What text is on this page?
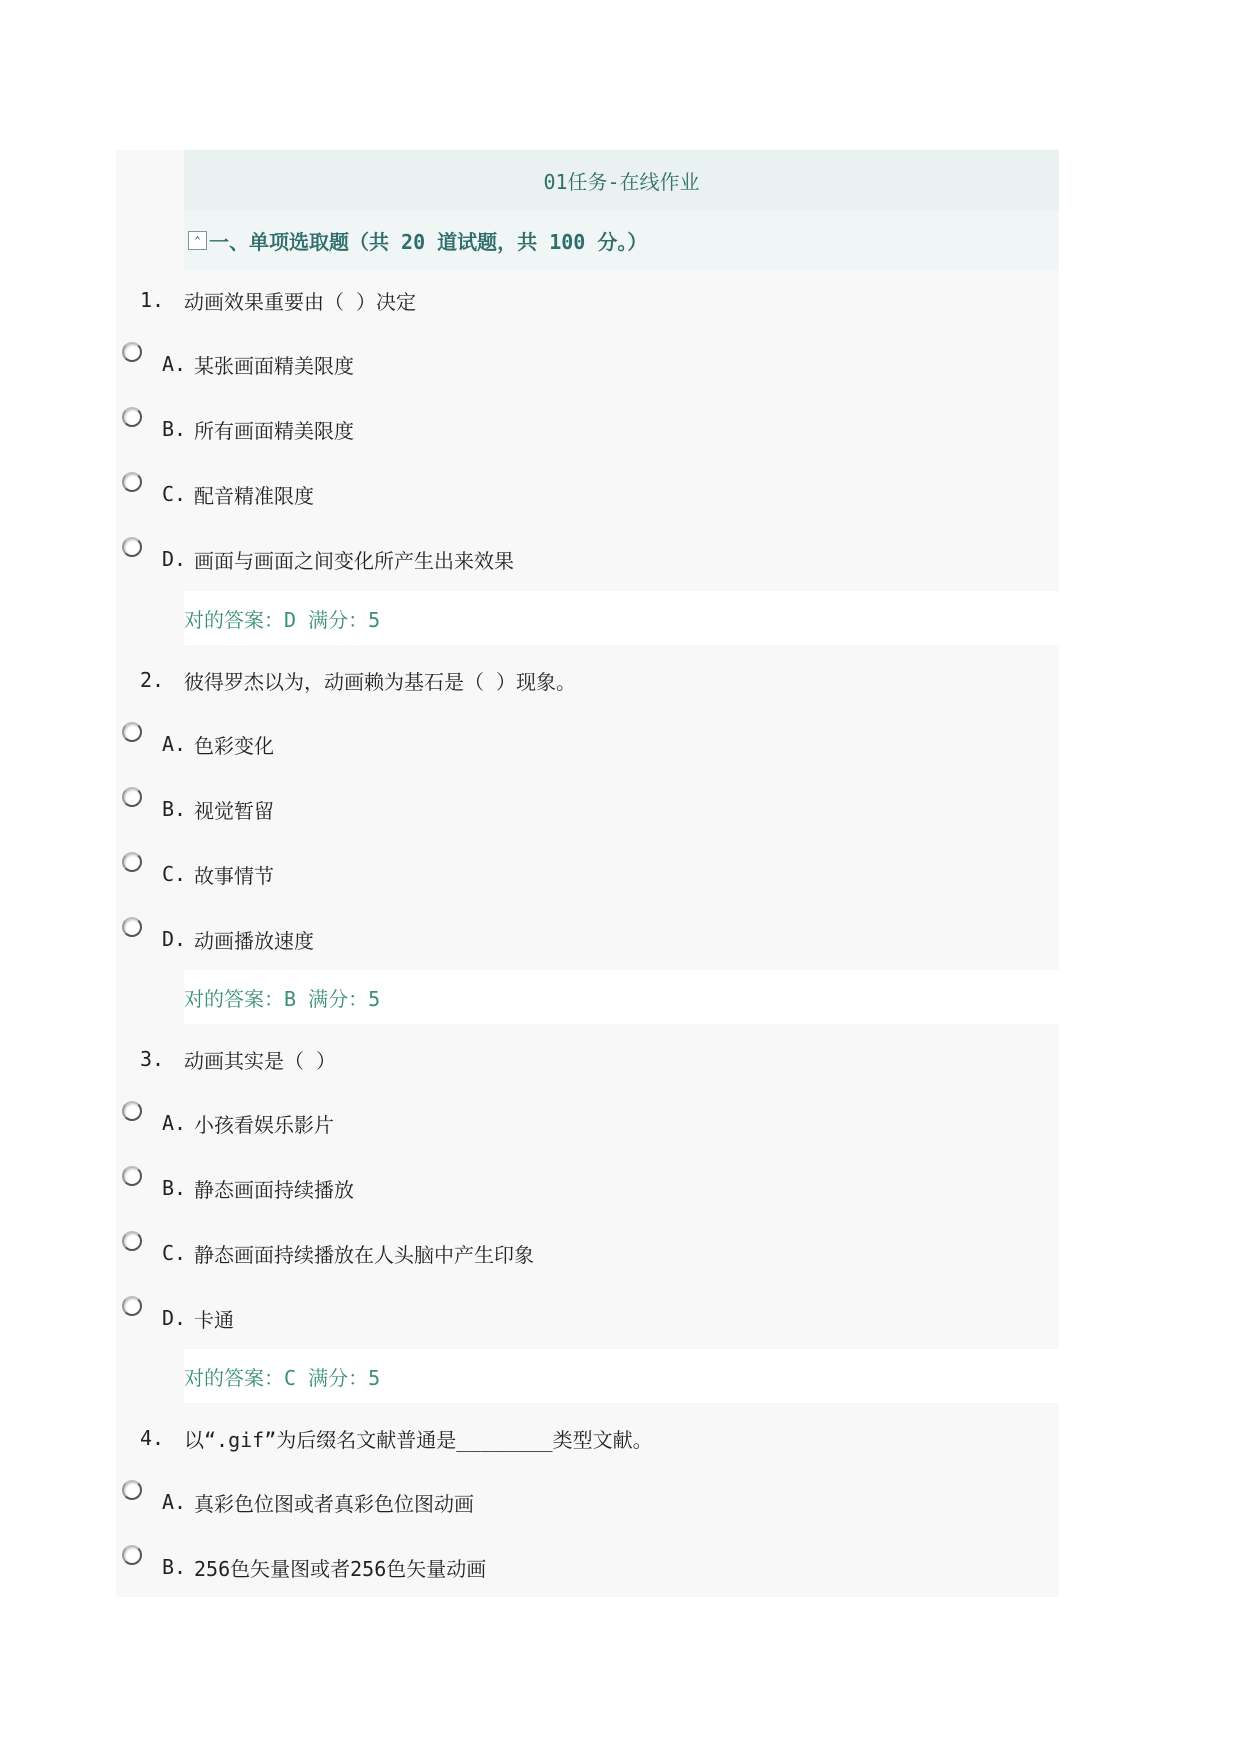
01任务-在线作业
⌃ 一、单项选取题（共 20 道试题，共 100 分。）
1. 动画效果重要由（ ）决定
A. 某张画面精美限度
B. 所有画面精美限度
C. 配音精准限度
D. 画面与画面之间变化所产生出来效果
对的答案：D 满分：5
2. 彼得罗杰以为，动画赖为基石是（ ）现象。
A. 色彩变化
B. 视觉暂留
C. 故事情节
D. 动画播放速度
对的答案：B 满分：5
3. 动画其实是（ ）
A. 小孩看娱乐影片
B. 静态画面持续播放
C. 静态画面持续播放在人头脑中产生印象
D. 卡通
对的答案：C 满分：5
4. 以“.gif”为后缀名文献普通是________类型文献。
A. 真彩色位图或者真彩色位图动画
B. 256色矢量图或者256色矢量动画
